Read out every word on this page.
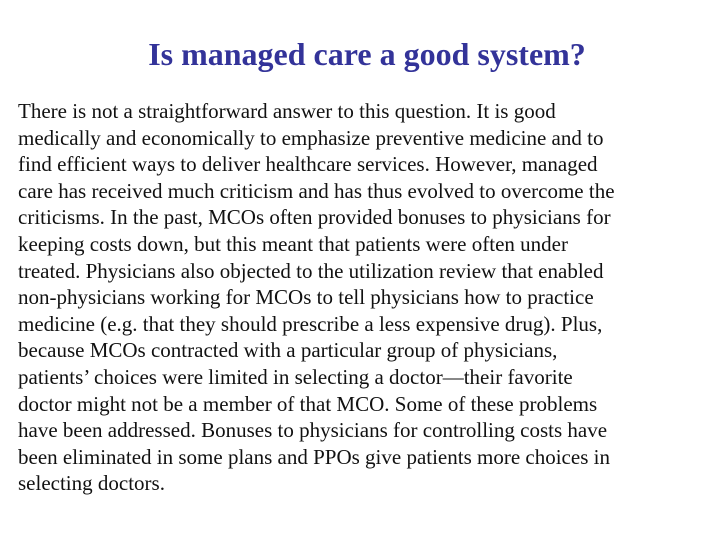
Is managed care a good system?
There is not a straightforward answer to this question. It is good
medically and economically to emphasize preventive medicine and to
find efficient ways to deliver healthcare services. However, managed
care has received much criticism and has thus evolved to overcome the
criticisms. In the past, MCOs often provided bonuses to physicians for
keeping costs down, but this meant that patients were often under
treated. Physicians also objected to the utilization review that enabled
non-physicians working for MCOs to tell physicians how to practice
medicine (e.g. that they should prescribe a less expensive drug). Plus,
because MCOs contracted with a particular group of physicians,
patients’ choices were limited in selecting a doctor—their favorite
doctor might not be a member of that MCO. Some of these problems
have been addressed. Bonuses to physicians for controlling costs have
been eliminated in some plans and PPOs give patients more choices in
selecting doctors.
